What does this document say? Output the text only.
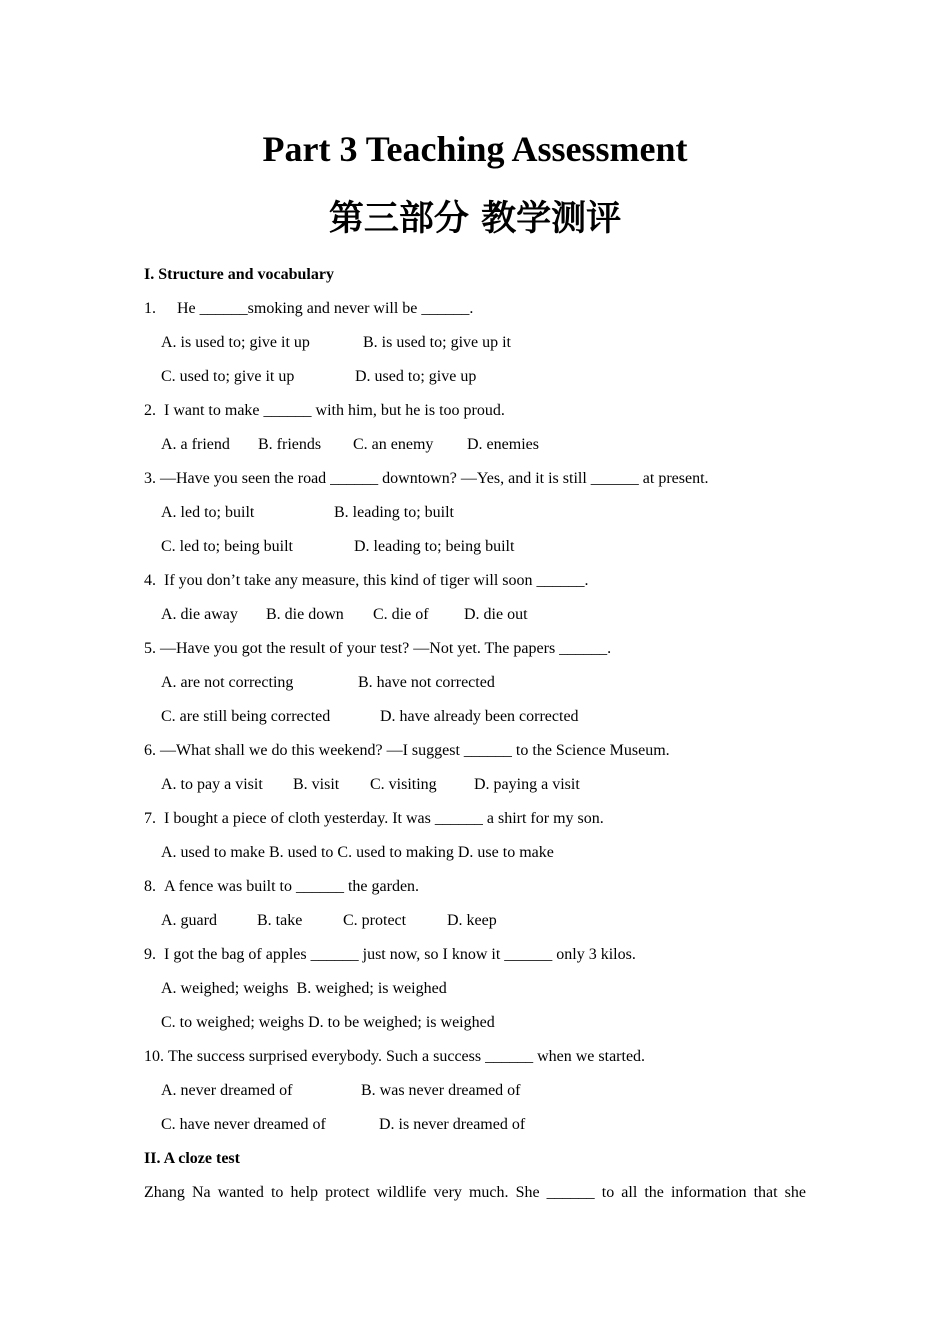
Part 3 Teaching Assessment
第三部分 教学测评
I. Structure and vocabulary
1. He ______smoking and never will be ______.
A. is used to; give it up	B. is used to; give up it
C. used to; give it up	D. used to; give up
2. I want to make ______ with him, but he is too proud.
A. a friend B. friends C. an enemy D. enemies
3. —Have you seen the road ______ downtown? —Yes, and it is still ______ at present.
A. led to; built	B. leading to; built
C. led to; being built	D. leading to; being built
4. If you don’t take any measure, this kind of tiger will soon ______.
A. die away B. die down C. die of D. die out
5. —Have you got the result of your test? —Not yet. The papers ______.
A. are not correcting	B. have not corrected
C. are still being corrected	D. have already been corrected
6. —What shall we do this weekend? —I suggest ______ to the Science Museum.
A. to pay a visit B. visit C. visiting D. paying a visit
7. I bought a piece of cloth yesterday. It was ______ a shirt for my son.
A. used to make B. used to C. used to making D. use to make
8. A fence was built to ______ the garden.
A. guard	B. take	C. protect	D. keep
9. I got the bag of apples ______ just now, so I know it ______ only 3 kilos.
A. weighed; weighs  B. weighed; is weighed
C. to weighed; weighs D. to be weighed; is weighed
10. The success surprised everybody. Such a success ______ when we started.
A. never dreamed of	B. was never dreamed of
C. have never dreamed of	D. is never dreamed of
II. A cloze test
Zhang Na wanted to help protect wildlife very much. She ______ to all the information that she
